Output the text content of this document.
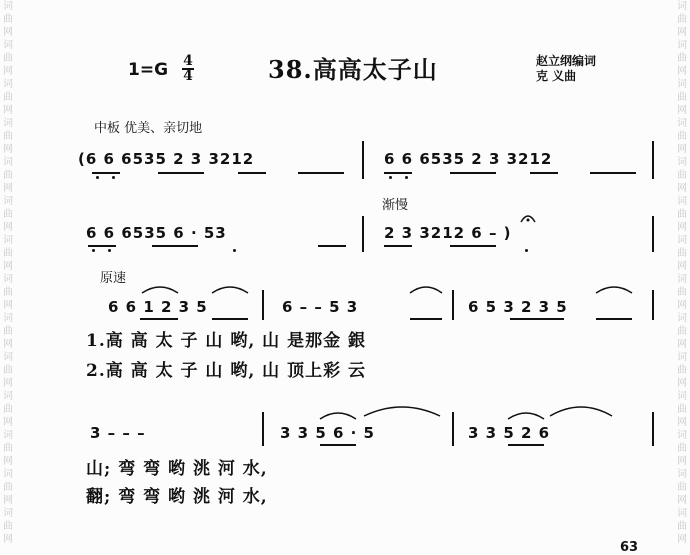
词
曲
网
词
曲
网
词
曲
网
词
曲
网
词
曲
网
词
曲
网
词
曲
网
词
曲
网
词
曲
网
词
曲
网
词
曲
网
词
曲
网
词
曲
网
词
曲
网
词
曲
网
词
曲
网
词
曲
网
词
曲
网
词
曲
网
词
曲
网
词
曲
网
词
曲
网
词
曲
网
词
曲
网
词
曲
网
词
曲
网
词
曲
网
词
曲
网
1=G 4
4	38.高高太子山	赵立纲编词
克 义曲
中板 优美、亲切地
(6 6 6535 2 3 3212	6 6 6535 2 3 3212
渐慢
6 6 6535 6 · 53	2 3 3212 6 – )
原速
6 6 1 2 3 5	6 – – 5 3	6 5 3 2 3 5
1.高 高 太 子 山 哟, 山 是那金 銀
2.高 高 太 子 山 哟, 山 顶上彩 云
3 – – –	3 3 5 6 · 5	3 3 5 2 6
山; 弯 弯 哟 洮 河 水,
翻; 弯 弯 哟 洮 河 水,
63
